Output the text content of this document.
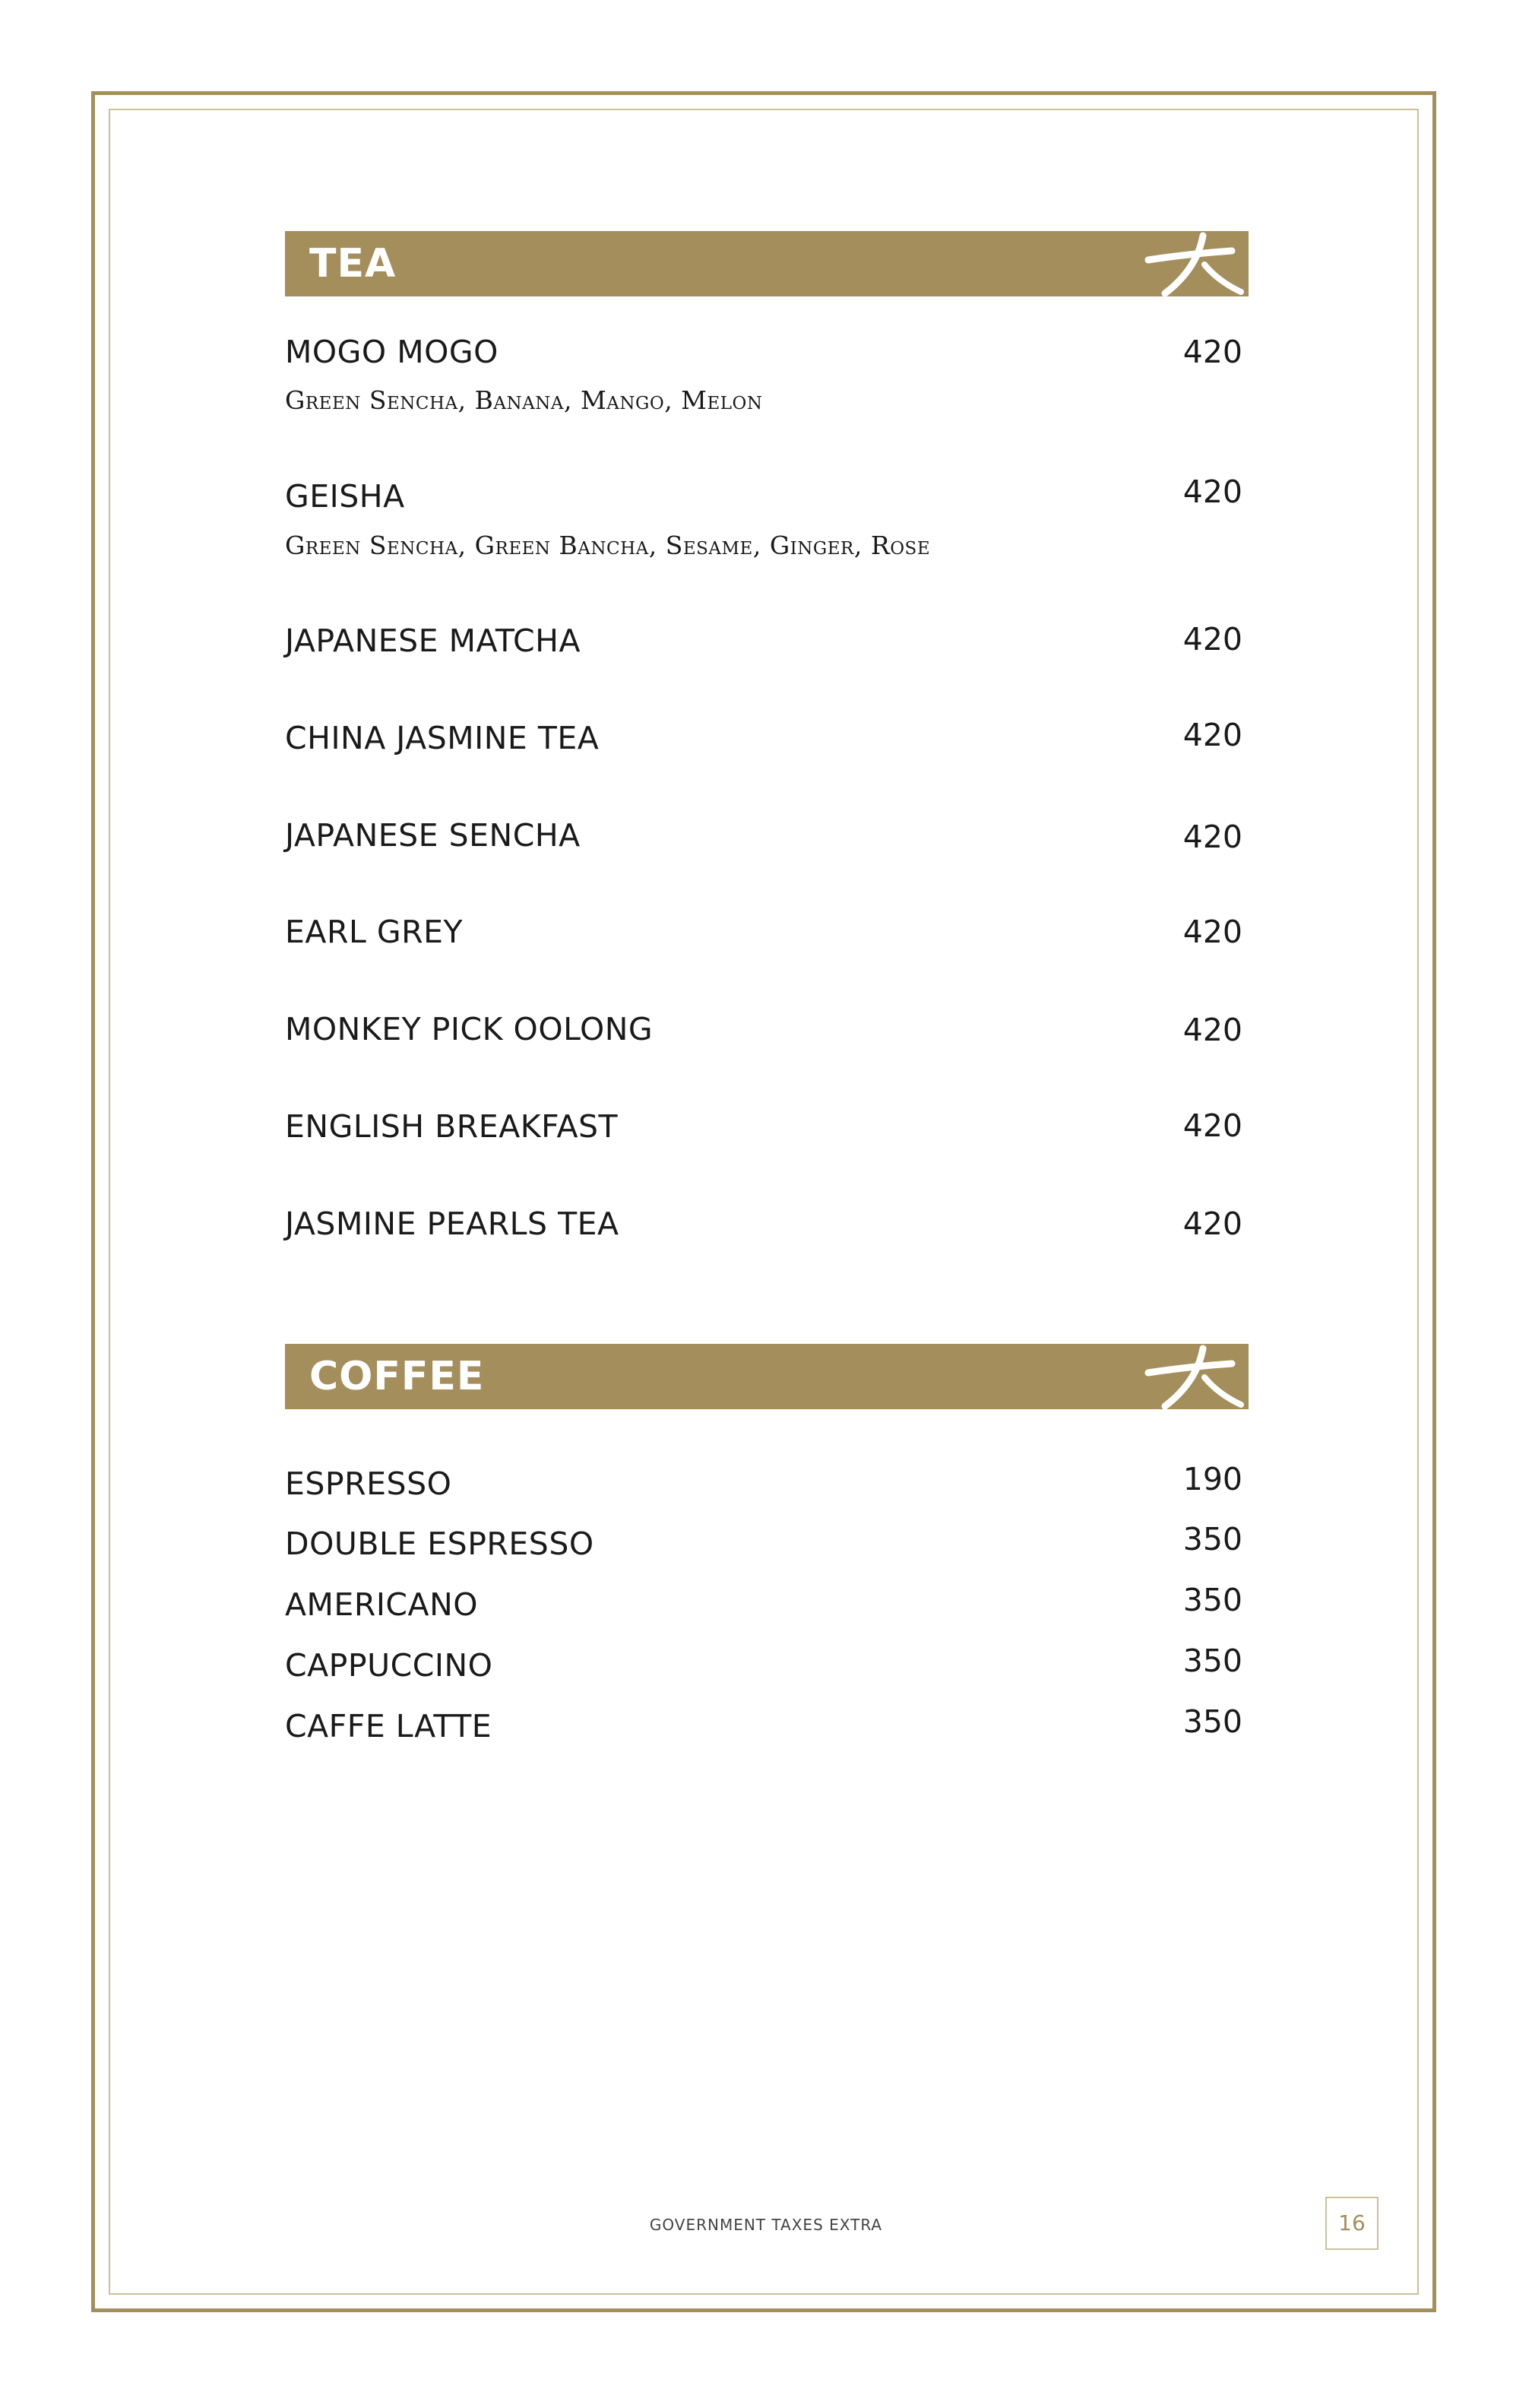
TEA
MOGO MOGO	420
Green Sencha, Banana, Mango, Melon
GEISHA	420
Green Sencha, Green Bancha, Sesame, Ginger, Rose
JAPANESE MATCHA	420
CHINA JASMINE TEA	420
JAPANESE SENCHA	420
EARL GREY	420
MONKEY PICK OOLONG	420
ENGLISH BREAKFAST	420
JASMINE PEARLS TEA	420
COFFEE
ESPRESSO	190
DOUBLE ESPRESSO	350
AMERICANO	350
CAPPUCCINO	350
CAFFE LATTE	350
GOVERNMENT TAXES EXTRA	16
